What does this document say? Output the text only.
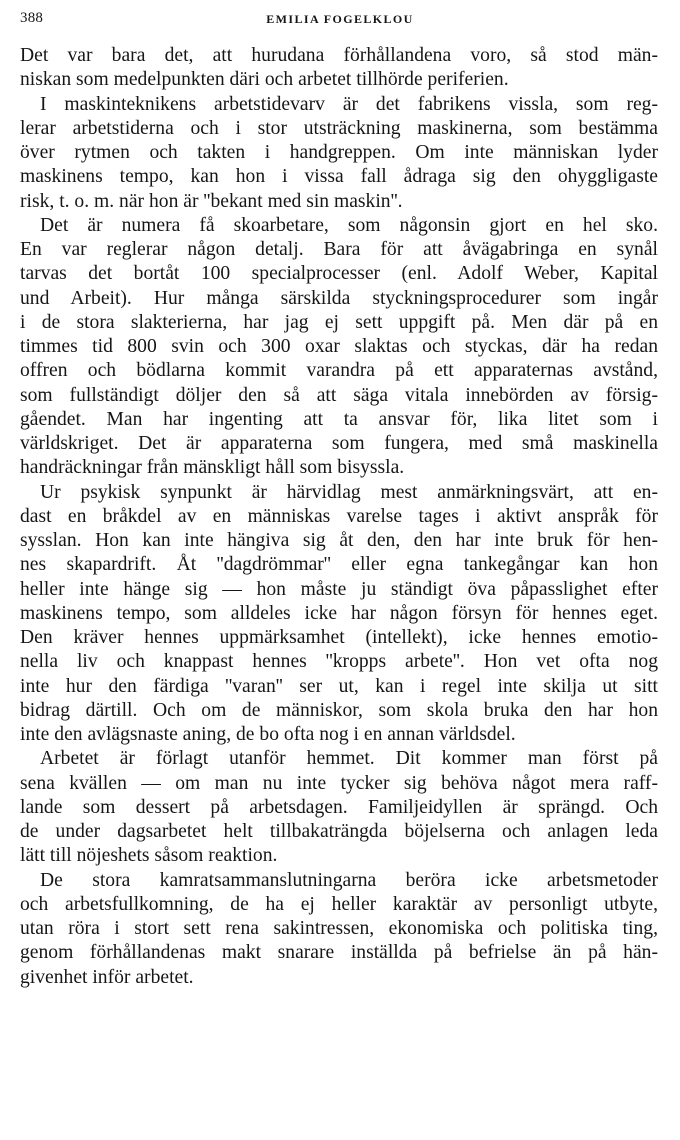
388	EMILIA FOGELKLOU
Det var bara det, att hurudana förhållandena voro, så stod män-
niskan som medelpunkten däri och arbetet tillhörde periferien.
I maskinteknikens arbetstidevarv är det fabrikens vissla, som reg-
lerar arbetstiderna och i stor utsträckning maskinerna, som bestämma
över rytmen och takten i handgreppen. Om inte människan lyder
maskinens tempo, kan hon i vissa fall ådraga sig den ohyggligaste
risk, t. o. m. när hon är ''bekant med sin maskin''.
Det är numera få skoarbetare, som någonsin gjort en hel sko.
En var reglerar någon detalj. Bara för att åvägabringa en synål
tarvas det bortåt 100 specialprocesser (enl. Adolf Weber, Kapital
und Arbeit). Hur många särskilda styckningsprocedurer som ingår
i de stora slakterierna, har jag ej sett uppgift på. Men där på en
timmes tid 800 svin och 300 oxar slaktas och styckas, där ha redan
offren och bödlarna kommit varandra på ett apparaternas avstånd,
som fullständigt döljer den så att säga vitala innebörden av försig-
gåendet. Man har ingenting att ta ansvar för, lika litet som i
världskriget. Det är apparaterna som fungera, med små maskinella
handräckningar från mänskligt håll som bisyssla.
Ur psykisk synpunkt är härvidlag mest anmärkningsvärt, att en-
dast en bråkdel av en människas varelse tages i aktivt anspråk för
sysslan. Hon kan inte hängiva sig åt den, den har inte bruk för hen-
nes skapardrift. Åt ''dagdrömmar'' eller egna tankegångar kan hon
heller inte hänge sig — hon måste ju ständigt öva påpasslighet efter
maskinens tempo, som alldeles icke har någon försyn för hennes eget.
Den kräver hennes uppmärksamhet (intellekt), icke hennes emotio-
nella liv och knappast hennes ''kropps arbete''. Hon vet ofta nog
inte hur den färdiga ''varan'' ser ut, kan i regel inte skilja ut sitt
bidrag därtill. Och om de människor, som skola bruka den har hon
inte den avlägsnaste aning, de bo ofta nog i en annan världsdel.
Arbetet är förlagt utanför hemmet. Dit kommer man först på
sena kvällen — om man nu inte tycker sig behöva något mera raff-
lande som dessert på arbetsdagen. Familjeidyllen är sprängd. Och
de under dagsarbetet helt tillbakaträngda böjelserna och anlagen leda
lätt till nöjeshets såsom reaktion.
De stora kamratsammanslutningarna beröra icke arbetsmetoder
och arbetsfullkomning, de ha ej heller karaktär av personligt utbyte,
utan röra i stort sett rena sakintressen, ekonomiska och politiska ting,
genom förhållandenas makt snarare inställda på befrielse än på hän-
givenhet inför arbetet.
